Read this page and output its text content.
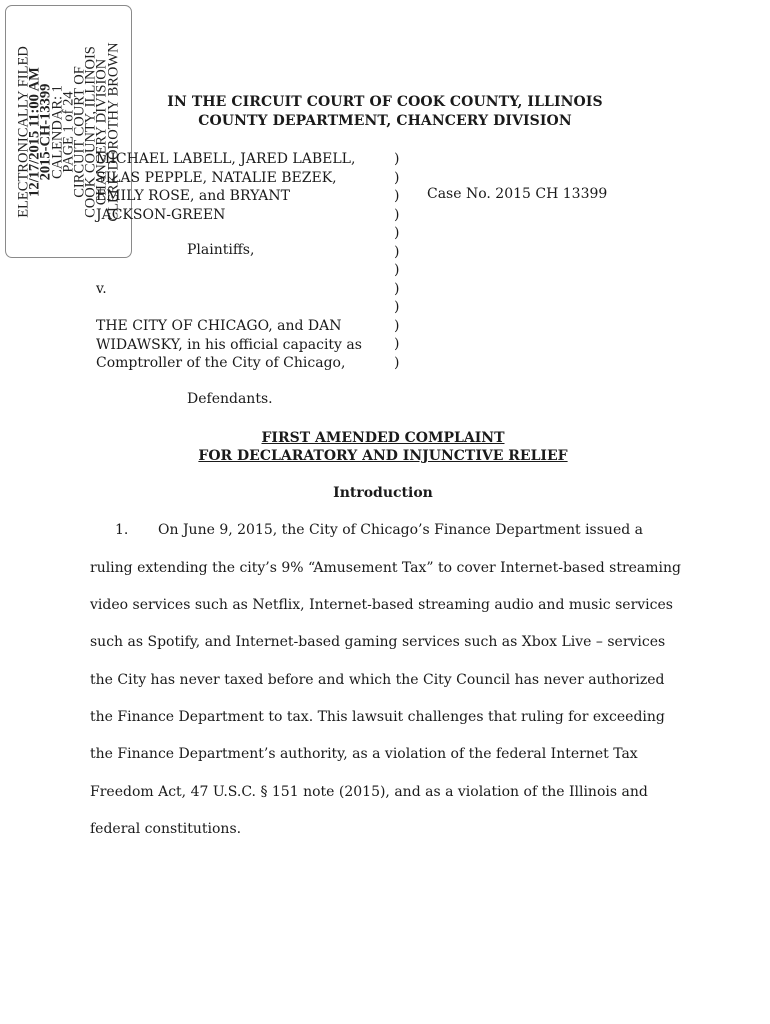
ELECTRONICALLY FILED
12/17/2015 11:00 AM
2015-CH-13399
CALENDAR: 1
PAGE 1 of 24
CIRCUIT COURT OF
COOK COUNTY, ILLINOIS
CHANCERY DIVISION
CLERK DOROTHY BROWN	IN THE CIRCUIT COURT OF COOK COUNTY, ILLINOIS
COUNTY DEPARTMENT, CHANCERY DIVISION
MICHAEL LABELL, JARED LABELL,
SILAS PEPPLE, NATALIE BEZEK,
EMILY ROSE, and BRYANT
JACKSON-GREEN
Plaintiffs,
v.
THE CITY OF CHICAGO, and DAN
WIDAWSKY, in his official capacity as
Comptroller of the City of Chicago,
Defendants.
)
)
)
)
)
)
)
)
)
)
)
)
Case No. 2015 CH 13399
FIRST AMENDED COMPLAINT
FOR DECLARATORY AND INJUNCTIVE RELIEF
Introduction
1. On June 9, 2015, the City of Chicago’s Finance Department issued a
ruling extending the city’s 9% “Amusement Tax” to cover Internet-based streaming
video services such as Netflix, Internet-based streaming audio and music services
such as Spotify, and Internet-based gaming services such as Xbox Live – services
the City has never taxed before and which the City Council has never authorized
the Finance Department to tax. This lawsuit challenges that ruling for exceeding
the Finance Department’s authority, as a violation of the federal Internet Tax
Freedom Act, 47 U.S.C. § 151 note (2015), and as a violation of the Illinois and
federal constitutions.
